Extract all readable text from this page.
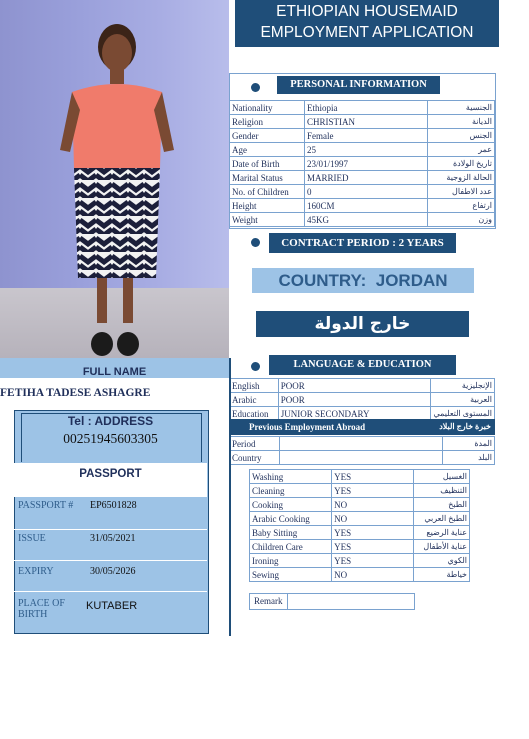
ETHIOPIAN HOUSEMAID
EMPLOYMENT APPLICATION
PERSONAL INFORMATION
Nationality	Ethiopia	الجنسية
Religion	CHRISTIAN	الديانة
Gender	Female	الجنس
Age	25	عمر
Date of Birth	23/01/1997	تاريخ الولادة
Marital Status	MARRIED	الحالة الزوجية
No. of Children	0	عدد الاطفال
Height	160CM	ارتفاع
Weight	45KG	وزن
CONTRACT PERIOD : 2 YEARS
COUNTRY: JORDAN
خارج الدولة
LANGUAGE & EDUCATION
English	POOR	الإنجليزية
Arabic	POOR	العربية
Education	JUNIOR SECONDARY	المستوى التعليمي
Previous Employment Abroad	خبرة خارج البلاد
Period		المدة
Country		البلد
Washing	YES	الغسيل
Cleaning	YES	التنظيف
Cooking	NO	الطبخ
Arabic Cooking	NO	الطبخ العربي
Baby Sitting	YES	عناية الرضيع
Children Care	YES	عناية الأطفال
Ironing	YES	الكوي
Sewing	NO	خياطة
Remark
FULL NAME
FETIHA TADESE ASHAGRE
Tel : ADDRESS
00251945603305
PASSPORT
PASSPORT # EP6501828
ISSUE	31/05/2021
EXPIRY	30/05/2026
PLACE OF
BIRTH
KUTABER
